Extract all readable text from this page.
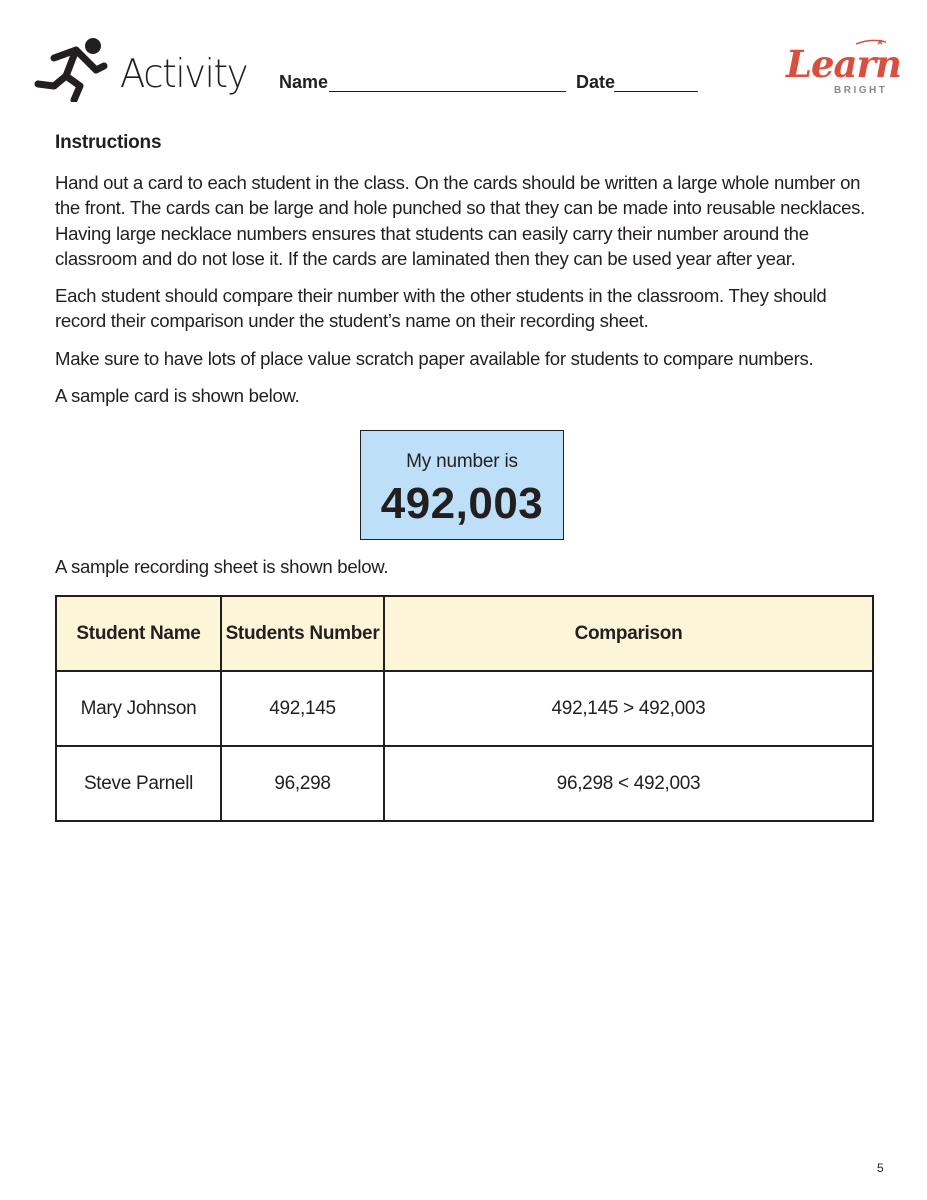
Activity Name	Date	Learn
BRIGHT
Instructions

Hand out a card to each student in the class. On the cards should be written a large whole number on the front. The cards can be large and hole punched so that they can be made into reusable necklaces. Having large necklace numbers ensures that students can easily carry their number around the classroom and do not lose it. If the cards are laminated then they can be used year after year.

Each student should compare their number with the other students in the classroom. They should record their comparison under the student’s name on their recording sheet.

Make sure to have lots of place value scratch paper available for students to compare numbers.

A sample card is shown below.

My number is
492,003
A sample recording sheet is shown below.
Student Name	Students Number	Comparison
Mary Johnson	492,145	492,145 > 492,003
Steve Parnell	96,298	96,298 < 492,003
5
